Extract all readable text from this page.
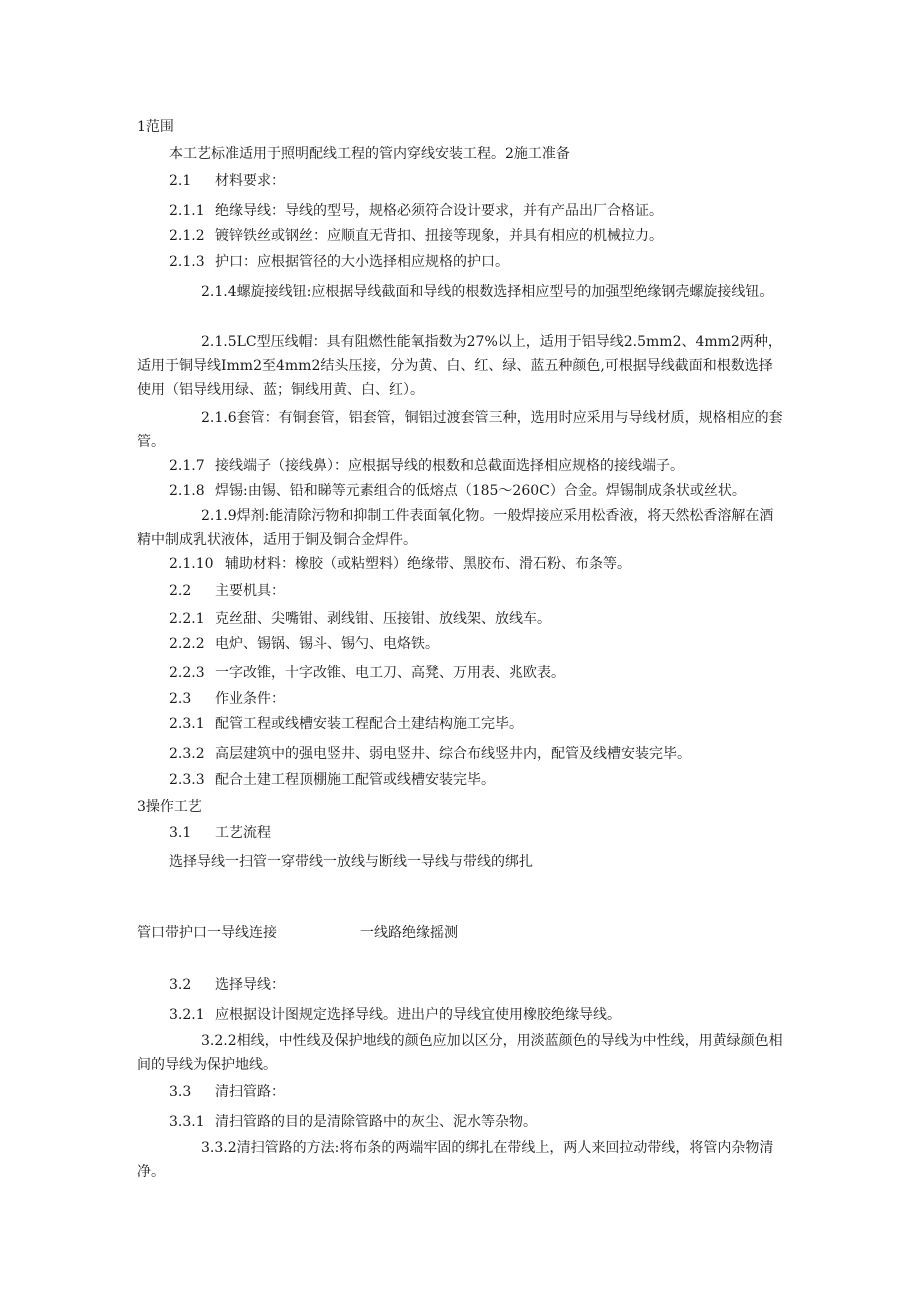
1范围
本工艺标准适用于照明配线工程的管内穿线安装工程。2施工准备
2.1 材料要求：
2.1.1 绝缘导线：导线的型号，规格必须符合设计要求，并有产品出厂合格证。
2.1.2 镀锌铁丝或钢丝：应顺直无背扣、扭接等现象，并具有相应的机械拉力。
2.1.3 护口：应根据管径的大小选择相应规格的护口。
2.1.4螺旋接线钮:应根据导线截面和导线的根数选择相应型号的加强型绝缘钢壳螺旋接线钮。
2.1.5LC型压线帽：具有阻燃性能氧指数为27%以上，适用于铝导线2.5mm2、4mm2两种，适用于铜导线Imm2至4mm2结头压接，分为黄、白、红、绿、蓝五种颜色,可根据导线截面和根数选择使用（铝导线用绿、蓝；铜线用黄、白、红）。
2.1.6套管：有铜套管，铝套管，铜铝过渡套管三种，选用时应采用与导线材质，规格相应的套管。
2.1.7 接线端子（接线鼻）：应根据导线的根数和总截面选择相应规格的接线端子。
2.1.8 焊锡:由锡、铅和睇等元素组合的低熔点（185～260C）合金。焊锡制成条状或丝状。
2.1.9焊剂:能清除污物和抑制工件表面氧化物。一般焊接应采用松香液，将天然松香溶解在酒精中制成乳状液体，适用于铜及铜合金焊件。
2.1.10 辅助材料：橡胶（或粘塑料）绝缘带、黑胶布、滑石粉、布条等。
2.2 主要机具：
2.2.1 克丝甜、尖嘴钳、剥线钳、压接钳、放线架、放线车。
2.2.2 电炉、锡锅、锡斗、锡勺、电烙铁。
2.2.3 一字改锥，十字改锥、电工刀、高凳、万用表、兆欧表。
2.3 作业条件：
2.3.1 配管工程或线槽安装工程配合土建结构施工完毕。
2.3.2 高层建筑中的强电竖井、弱电竖井、综合布线竖井内，配管及线槽安装完毕。
2.3.3 配合土建工程顶棚施工配管或线槽安装完毕。
3操作工艺
3.1 工艺流程
选择导线一扫管一穿带线一放线与断线一导线与带线的绑扎
管口带护口一导线连接	一线路绝缘摇测
3.2 选择导线：
3.2.1 应根据设计图规定选择导线。进出户的导线宜使用橡胶绝缘导线。
3.2.2相线，中性线及保护地线的颜色应加以区分，用淡蓝颜色的导线为中性线，用黄绿颜色相间的导线为保护地线。
3.3 清扫管路：
3.3.1 清扫管路的目的是清除管路中的灰尘、泥水等杂物。
3.3.2清扫管路的方法:将布条的两端牢固的绑扎在带线上，两人来回拉动带线，将管内杂物清净。
